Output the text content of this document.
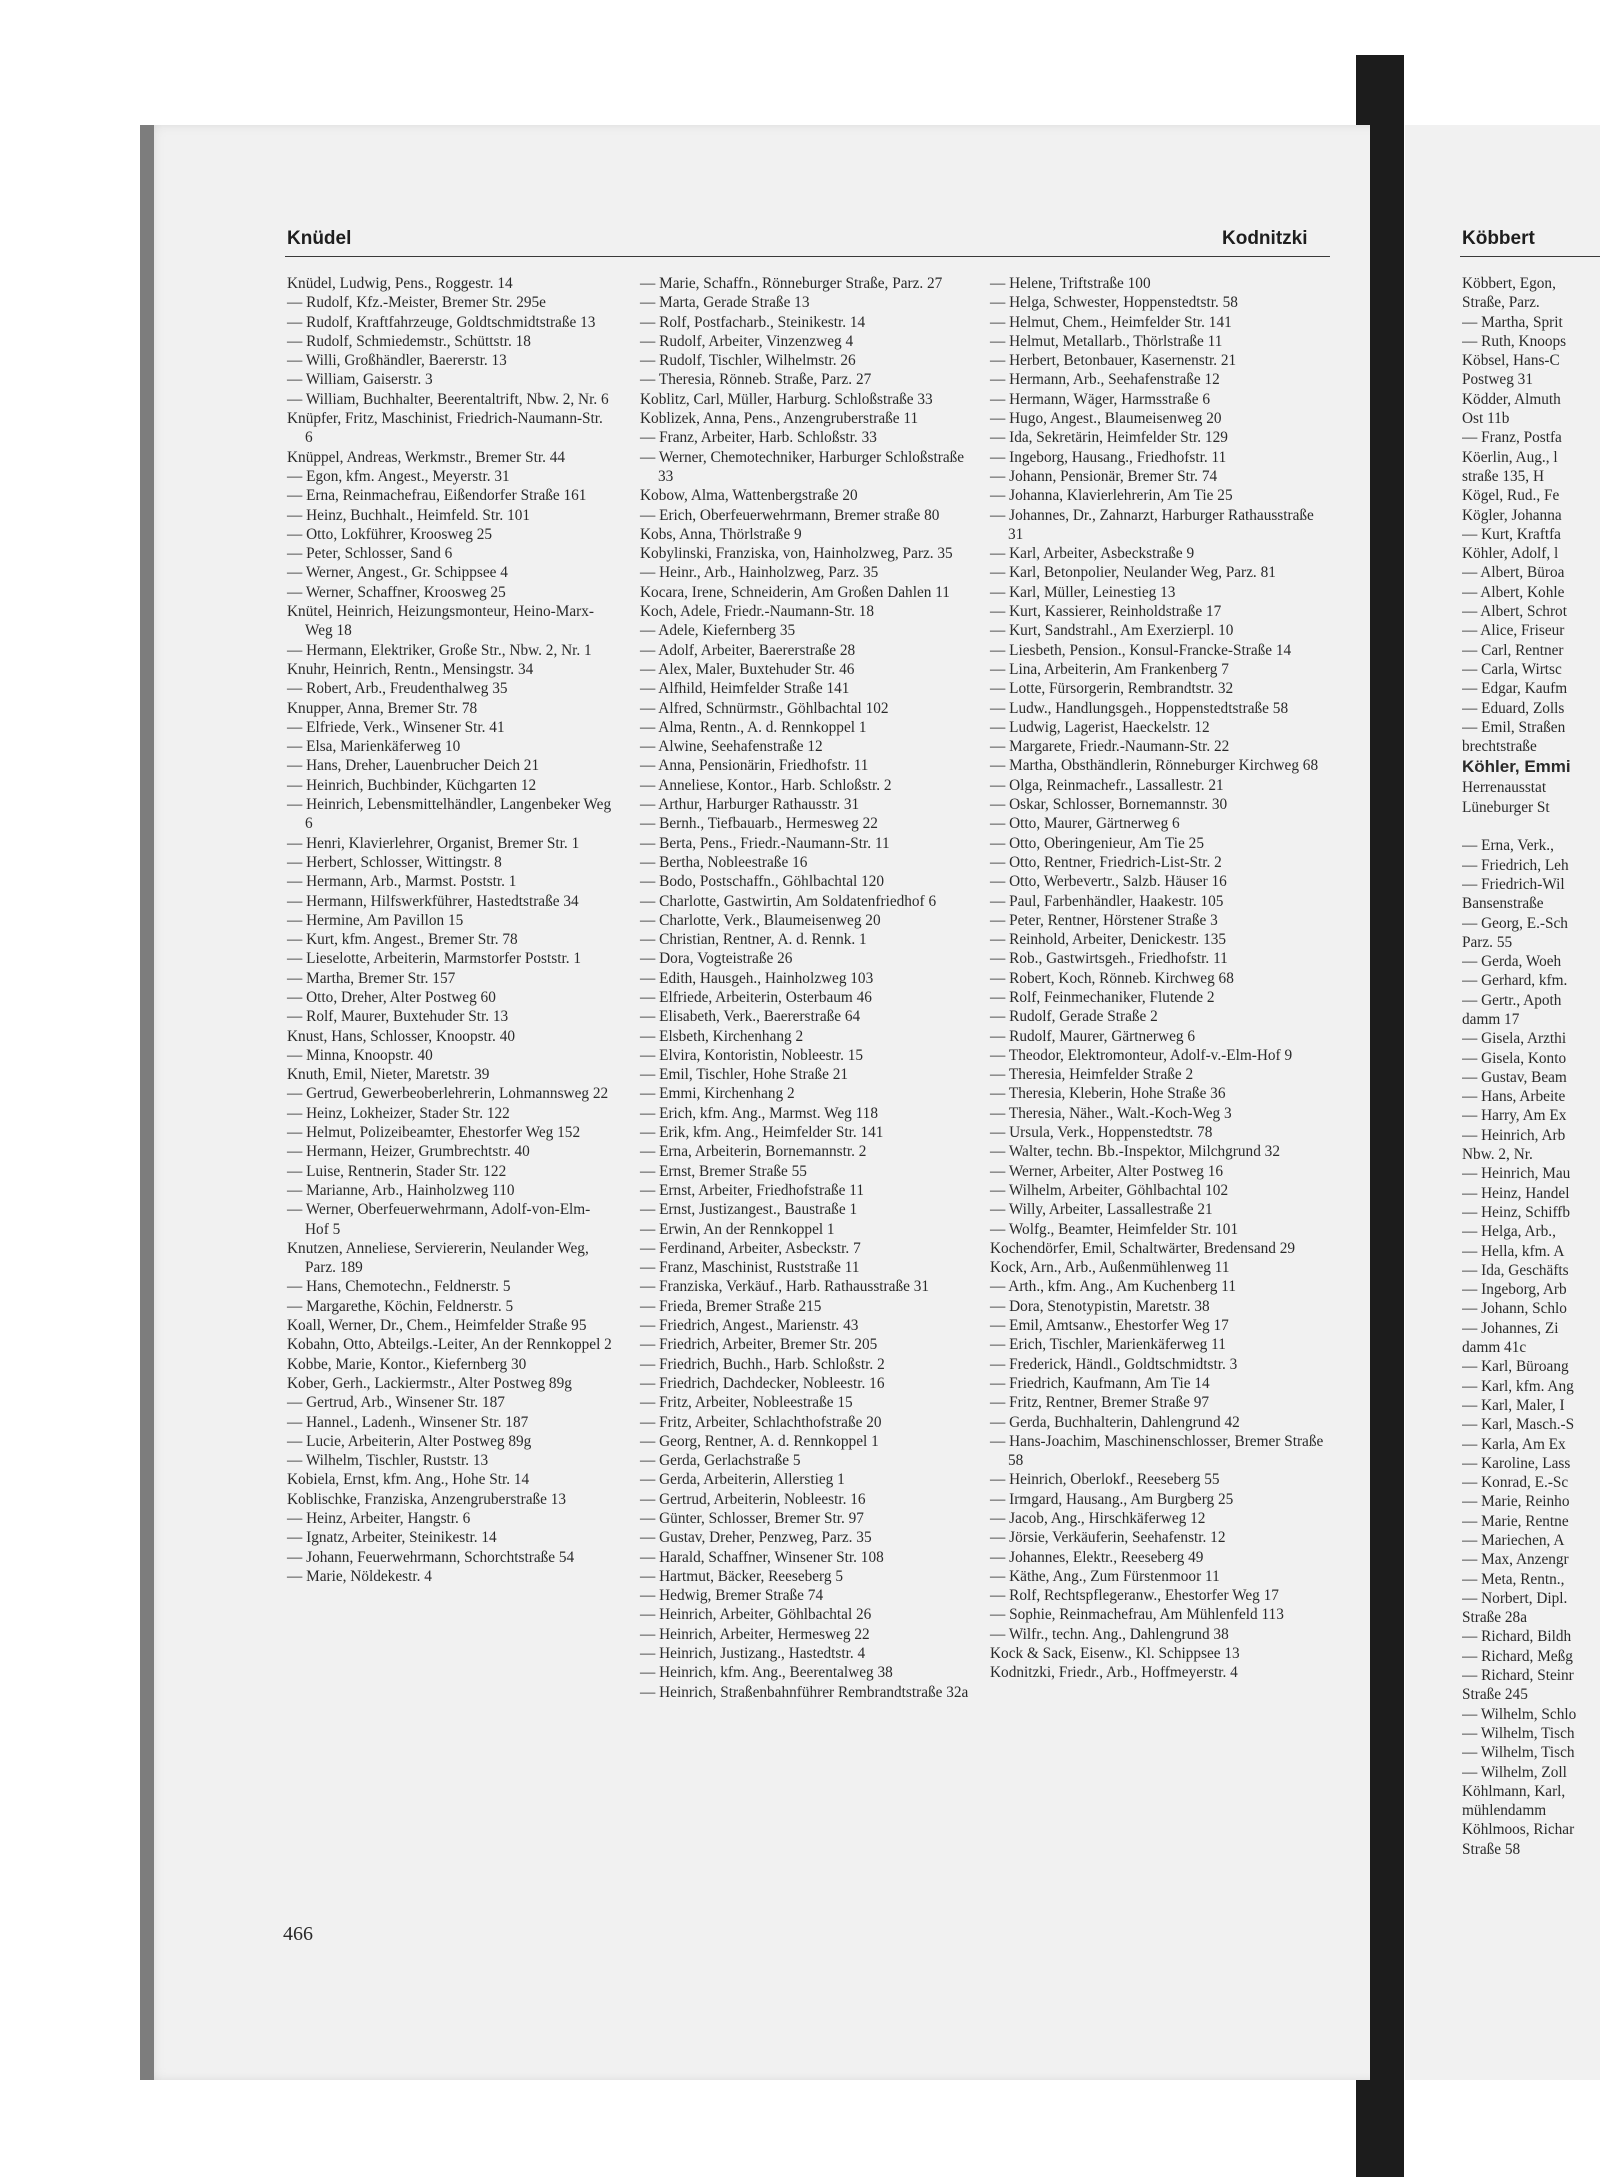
Knüdel	Kodnitzki	Köbbert
Knüdel, Ludwig, Pens., Roggestr. 14
— Rudolf, Kfz.-Meister, Bremer Str. 295e
— Rudolf, Kraftfahrzeuge, Goldtschmidtstraße 13
— Rudolf, Schmiedemstr., Schüttstr. 18
— Willi, Großhändler, Baererstr. 13
— William, Gaiserstr. 3
— William, Buchhalter, Beerentaltrift, Nbw. 2, Nr. 6
Knüpfer, Fritz, Maschinist, Friedrich-Naumann-Str. 6
Knüppel, Andreas, Werkmstr., Bremer Str. 44
— Egon, kfm. Angest., Meyerstr. 31
— Erna, Reinmachefrau, Eißendorfer Straße 161
— Heinz, Buchhalt., Heimfeld. Str. 101
— Otto, Lokführer, Kroosweg 25
— Peter, Schlosser, Sand 6
— Werner, Angest., Gr. Schippsee 4
— Werner, Schaffner, Kroosweg 25
Knütel, Heinrich, Heizungsmonteur, Heino-Marx-Weg 18
— Hermann, Elektriker, Große Str., Nbw. 2, Nr. 1
Knuhr, Heinrich, Rentn., Mensingstr. 34
— Robert, Arb., Freudenthalweg 35
Knupper, Anna, Bremer Str. 78
— Elfriede, Verk., Winsener Str. 41
— Elsa, Marienkäferweg 10
— Hans, Dreher, Lauenbrucher Deich 21
— Heinrich, Buchbinder, Küchgarten 12
— Heinrich, Lebensmittelhändler, Langenbeker Weg 6
— Henri, Klavierlehrer, Organist, Bremer Str. 1
— Herbert, Schlosser, Wittingstr. 8
— Hermann, Arb., Marmst. Poststr. 1
— Hermann, Hilfswerkführer, Hastedtstraße 34
— Hermine, Am Pavillon 15
— Kurt, kfm. Angest., Bremer Str. 78
— Lieselotte, Arbeiterin, Marmstorfer Poststr. 1
— Martha, Bremer Str. 157
— Otto, Dreher, Alter Postweg 60
— Rolf, Maurer, Buxtehuder Str. 13
Knust, Hans, Schlosser, Knoopstr. 40
— Minna, Knoopstr. 40
Knuth, Emil, Nieter, Maretstr. 39
— Gertrud, Gewerbeoberlehrerin, Lohmannsweg 22
— Heinz, Lokheizer, Stader Str. 122
— Helmut, Polizeibeamter, Ehestorfer Weg 152
— Hermann, Heizer, Grumbrechtstr. 40
— Luise, Rentnerin, Stader Str. 122
— Marianne, Arb., Hainholzweg 110
— Werner, Oberfeuerwehrmann, Adolf-von-Elm-Hof 5
Knutzen, Anneliese, Serviererin, Neulander Weg, Parz. 189
— Hans, Chemotechn., Feldnerstr. 5
— Margarethe, Köchin, Feldnerstr. 5
Koall, Werner, Dr., Chem., Heimfelder Straße 95
Kobahn, Otto, Abteilgs.-Leiter, An der Rennkoppel 2
Kobbe, Marie, Kontor., Kiefernberg 30
Kober, Gerh., Lackiermstr., Alter Postweg 89g
— Gertrud, Arb., Winsener Str. 187
— Hannel., Ladenh., Winsener Str. 187
— Lucie, Arbeiterin, Alter Postweg 89g
— Wilhelm, Tischler, Ruststr. 13
Kobiela, Ernst, kfm. Ang., Hohe Str. 14
Koblischke, Franziska, Anzengruberstraße 13
— Heinz, Arbeiter, Hangstr. 6
— Ignatz, Arbeiter, Steinikestr. 14
— Johann, Feuerwehrmann, Schorchtstraße 54
— Marie, Nöldekestr. 4
— Marie, Schaffn., Rönneburger Straße, Parz. 27
— Marta, Gerade Straße 13
— Rolf, Postfacharb., Steinikestr. 14
— Rudolf, Arbeiter, Vinzenzweg 4
— Rudolf, Tischler, Wilhelmstr. 26
— Theresia, Rönneb. Straße, Parz. 27
Koblitz, Carl, Müller, Harburg. Schloßstraße 33
Koblizek, Anna, Pens., Anzengruberstraße 11
— Franz, Arbeiter, Harb. Schloßstr. 33
— Werner, Chemotechniker, Harburger Schloßstraße 33
Kobow, Alma, Wattenbergstraße 20
— Erich, Oberfeuerwehrmann, Bremer straße 80
Kobs, Anna, Thörlstraße 9
Kobylinski, Franziska, von, Hainholzweg, Parz. 35
— Heinr., Arb., Hainholzweg, Parz. 35
Kocara, Irene, Schneiderin, Am Großen Dahlen 11
Koch, Adele, Friedr.-Naumann-Str. 18
— Adele, Kiefernberg 35
— Adolf, Arbeiter, Baererstraße 28
— Alex, Maler, Buxtehuder Str. 46
— Alfhild, Heimfelder Straße 141
— Alfred, Schnürmstr., Göhlbachtal 102
— Alma, Rentn., A. d. Rennkoppel 1
— Alwine, Seehafenstraße 12
— Anna, Pensionärin, Friedhofstr. 11
— Anneliese, Kontor., Harb. Schloßstr. 2
— Arthur, Harburger Rathausstr. 31
— Bernh., Tiefbauarb., Hermesweg 22
— Berta, Pens., Friedr.-Naumann-Str. 11
— Bertha, Nobleestraße 16
— Bodo, Postschaffn., Göhlbachtal 120
— Charlotte, Gastwirtin, Am Soldatenfriedhof 6
— Charlotte, Verk., Blaumeisenweg 20
— Christian, Rentner, A. d. Rennk. 1
— Dora, Vogteistraße 26
— Edith, Hausgeh., Hainholzweg 103
— Elfriede, Arbeiterin, Osterbaum 46
— Elisabeth, Verk., Baererstraße 64
— Elsbeth, Kirchenhang 2
— Elvira, Kontoristin, Nobleestr. 15
— Emil, Tischler, Hohe Straße 21
— Emmi, Kirchenhang 2
— Erich, kfm. Ang., Marmst. Weg 118
— Erik, kfm. Ang., Heimfelder Str. 141
— Erna, Arbeiterin, Bornemannstr. 2
— Ernst, Bremer Straße 55
— Ernst, Arbeiter, Friedhofstraße 11
— Ernst, Justizangest., Baustraße 1
— Erwin, An der Rennkoppel 1
— Ferdinand, Arbeiter, Asbeckstr. 7
— Franz, Maschinist, Ruststraße 11
— Franziska, Verkäuf., Harb. Rathausstraße 31
— Frieda, Bremer Straße 215
— Friedrich, Angest., Marienstr. 43
— Friedrich, Arbeiter, Bremer Str. 205
— Friedrich, Buchh., Harb. Schloßstr. 2
— Friedrich, Dachdecker, Nobleestr. 16
— Fritz, Arbeiter, Nobleestraße 15
— Fritz, Arbeiter, Schlachthofstraße 20
— Georg, Rentner, A. d. Rennkoppel 1
— Gerda, Gerlachstraße 5
— Gerda, Arbeiterin, Allerstieg 1
— Gertrud, Arbeiterin, Nobleestr. 16
— Günter, Schlosser, Bremer Str. 97
— Gustav, Dreher, Penzweg, Parz. 35
— Harald, Schaffner, Winsener Str. 108
— Hartmut, Bäcker, Reeseberg 5
— Hedwig, Bremer Straße 74
— Heinrich, Arbeiter, Göhlbachtal 26
— Heinrich, Arbeiter, Hermesweg 22
— Heinrich, Justizang., Hastedtstr. 4
— Heinrich, kfm. Ang., Beerentalweg 38
— Heinrich, Straßenbahnführer Rembrandtstraße 32a
— Helene, Triftstraße 100
— Helga, Schwester, Hoppenstedtstr. 58
— Helmut, Chem., Heimfelder Str. 141
— Helmut, Metallarb., Thörlstraße 11
— Herbert, Betonbauer, Kasernenstr. 21
— Hermann, Arb., Seehafenstraße 12
— Hermann, Wäger, Harmsstraße 6
— Hugo, Angest., Blaumeisenweg 20
— Ida, Sekretärin, Heimfelder Str. 129
— Ingeborg, Hausang., Friedhofstr. 11
— Johann, Pensionär, Bremer Str. 74
— Johanna, Klavierlehrerin, Am Tie 25
— Johannes, Dr., Zahnarzt, Harburger Rathausstraße 31
— Karl, Arbeiter, Asbeckstraße 9
— Karl, Betonpolier, Neulander Weg, Parz. 81
— Karl, Müller, Leinestieg 13
— Kurt, Kassierer, Reinholdstraße 17
— Kurt, Sandstrahl., Am Exerzierpl. 10
— Liesbeth, Pension., Konsul-Francke-Straße 14
— Lina, Arbeiterin, Am Frankenberg 7
— Lotte, Fürsorgerin, Rembrandtstr. 32
— Ludw., Handlungsgeh., Hoppenstedtstraße 58
— Ludwig, Lagerist, Haeckelstr. 12
— Margarete, Friedr.-Naumann-Str. 22
— Martha, Obsthändlerin, Rönneburger Kirchweg 68
— Olga, Reinmachefr., Lassallestr. 21
— Oskar, Schlosser, Bornemannstr. 30
— Otto, Maurer, Gärtnerweg 6
— Otto, Oberingenieur, Am Tie 25
— Otto, Rentner, Friedrich-List-Str. 2
— Otto, Werbevertr., Salzb. Häuser 16
— Paul, Farbenhändler, Haakestr. 105
— Peter, Rentner, Hörstener Straße 3
— Reinhold, Arbeiter, Denickestr. 135
— Rob., Gastwirtsgeh., Friedhofstr. 11
— Robert, Koch, Rönneb. Kirchweg 68
— Rolf, Feinmechaniker, Flutende 2
— Rudolf, Gerade Straße 2
— Rudolf, Maurer, Gärtnerweg 6
— Theodor, Elektromonteur, Adolf-v.-Elm-Hof 9
— Theresia, Heimfelder Straße 2
— Theresia, Kleberin, Hohe Straße 36
— Theresia, Näher., Walt.-Koch-Weg 3
— Ursula, Verk., Hoppenstedtstr. 78
— Walter, techn. Bb.-Inspektor, Milchgrund 32
— Werner, Arbeiter, Alter Postweg 16
— Wilhelm, Arbeiter, Göhlbachtal 102
— Willy, Arbeiter, Lassallestraße 21
— Wolfg., Beamter, Heimfelder Str. 101
Kochendörfer, Emil, Schaltwärter, Bredensand 29
Kock, Arn., Arb., Außenmühlenweg 11
— Arth., kfm. Ang., Am Kuchenberg 11
— Dora, Stenotypistin, Maretstr. 38
— Emil, Amtsanw., Ehestorfer Weg 17
— Erich, Tischler, Marienkäferweg 11
— Frederick, Händl., Goldtschmidtstr. 3
— Friedrich, Kaufmann, Am Tie 14
— Fritz, Rentner, Bremer Straße 97
— Gerda, Buchhalterin, Dahlengrund 42
— Hans-Joachim, Maschinenschlosser, Bremer Straße 58
— Heinrich, Oberlokf., Reeseberg 55
— Irmgard, Hausang., Am Burgberg 25
— Jacob, Ang., Hirschkäferweg 12
— Jörsie, Verkäuferin, Seehafenstr. 12
— Johannes, Elektr., Reeseberg 49
— Käthe, Ang., Zum Fürstenmoor 11
— Rolf, Rechtspflegeranw., Ehestorfer Weg 17
— Sophie, Reinmachefrau, Am Mühlenfeld 113
— Wilfr., techn. Ang., Dahlengrund 38
Kock & Sack, Eisenw., Kl. Schippsee 13
Kodnitzki, Friedr., Arb., Hoffmeyerstr. 4
Köbbert, Egon,
Straße, Parz.
— Martha, Sprit
— Ruth, Knoops
Köbsel, Hans-C
Postweg 31
Ködder, Almuth
Ost 11b
— Franz, Postfa
Köerlin, Aug., l
straße 135, H
Kögel, Rud., Fe
Kögler, Johanna
— Kurt, Kraftfa
Köhler, Adolf, l
— Albert, Büroa
— Albert, Kohle
— Albert, Schrot
— Alice, Friseur
— Carl, Rentner
— Carla, Wirtsc
— Edgar, Kaufm
— Eduard, Zolls
— Emil, Straßen
brechtstraße
Köhler, Emmi
Herrenausstat
Lüneburger St

— Erna, Verk.,
— Friedrich, Leh
— Friedrich-Wil
Bansenstraße
— Georg, E.-Sch
Parz. 55
— Gerda, Woeh
— Gerhard, kfm.
— Gertr., Apoth
damm 17
— Gisela, Arzthi
— Gisela, Konto
— Gustav, Beam
— Hans, Arbeite
— Harry, Am Ex
— Heinrich, Arb
Nbw. 2, Nr.
— Heinrich, Mau
— Heinz, Handel
— Heinz, Schiffb
— Helga, Arb.,
— Hella, kfm. A
— Ida, Geschäfts
— Ingeborg, Arb
— Johann, Schlo
— Johannes, Zi
damm 41c
— Karl, Büroang
— Karl, kfm. Ang
— Karl, Maler, I
— Karl, Masch.-S
— Karla, Am Ex
— Karoline, Lass
— Konrad, E.-Sc
— Marie, Reinho
— Marie, Rentne
— Mariechen, A
— Max, Anzengr
— Meta, Rentn.,
— Norbert, Dipl.
Straße 28a
— Richard, Bildh
— Richard, Meßg
— Richard, Steinr
Straße 245
— Wilhelm, Schlo
— Wilhelm, Tisch
— Wilhelm, Tisch
— Wilhelm, Zoll
Köhlmann, Karl,
mühlendamm
Köhlmoos, Richar
Straße 58
466
